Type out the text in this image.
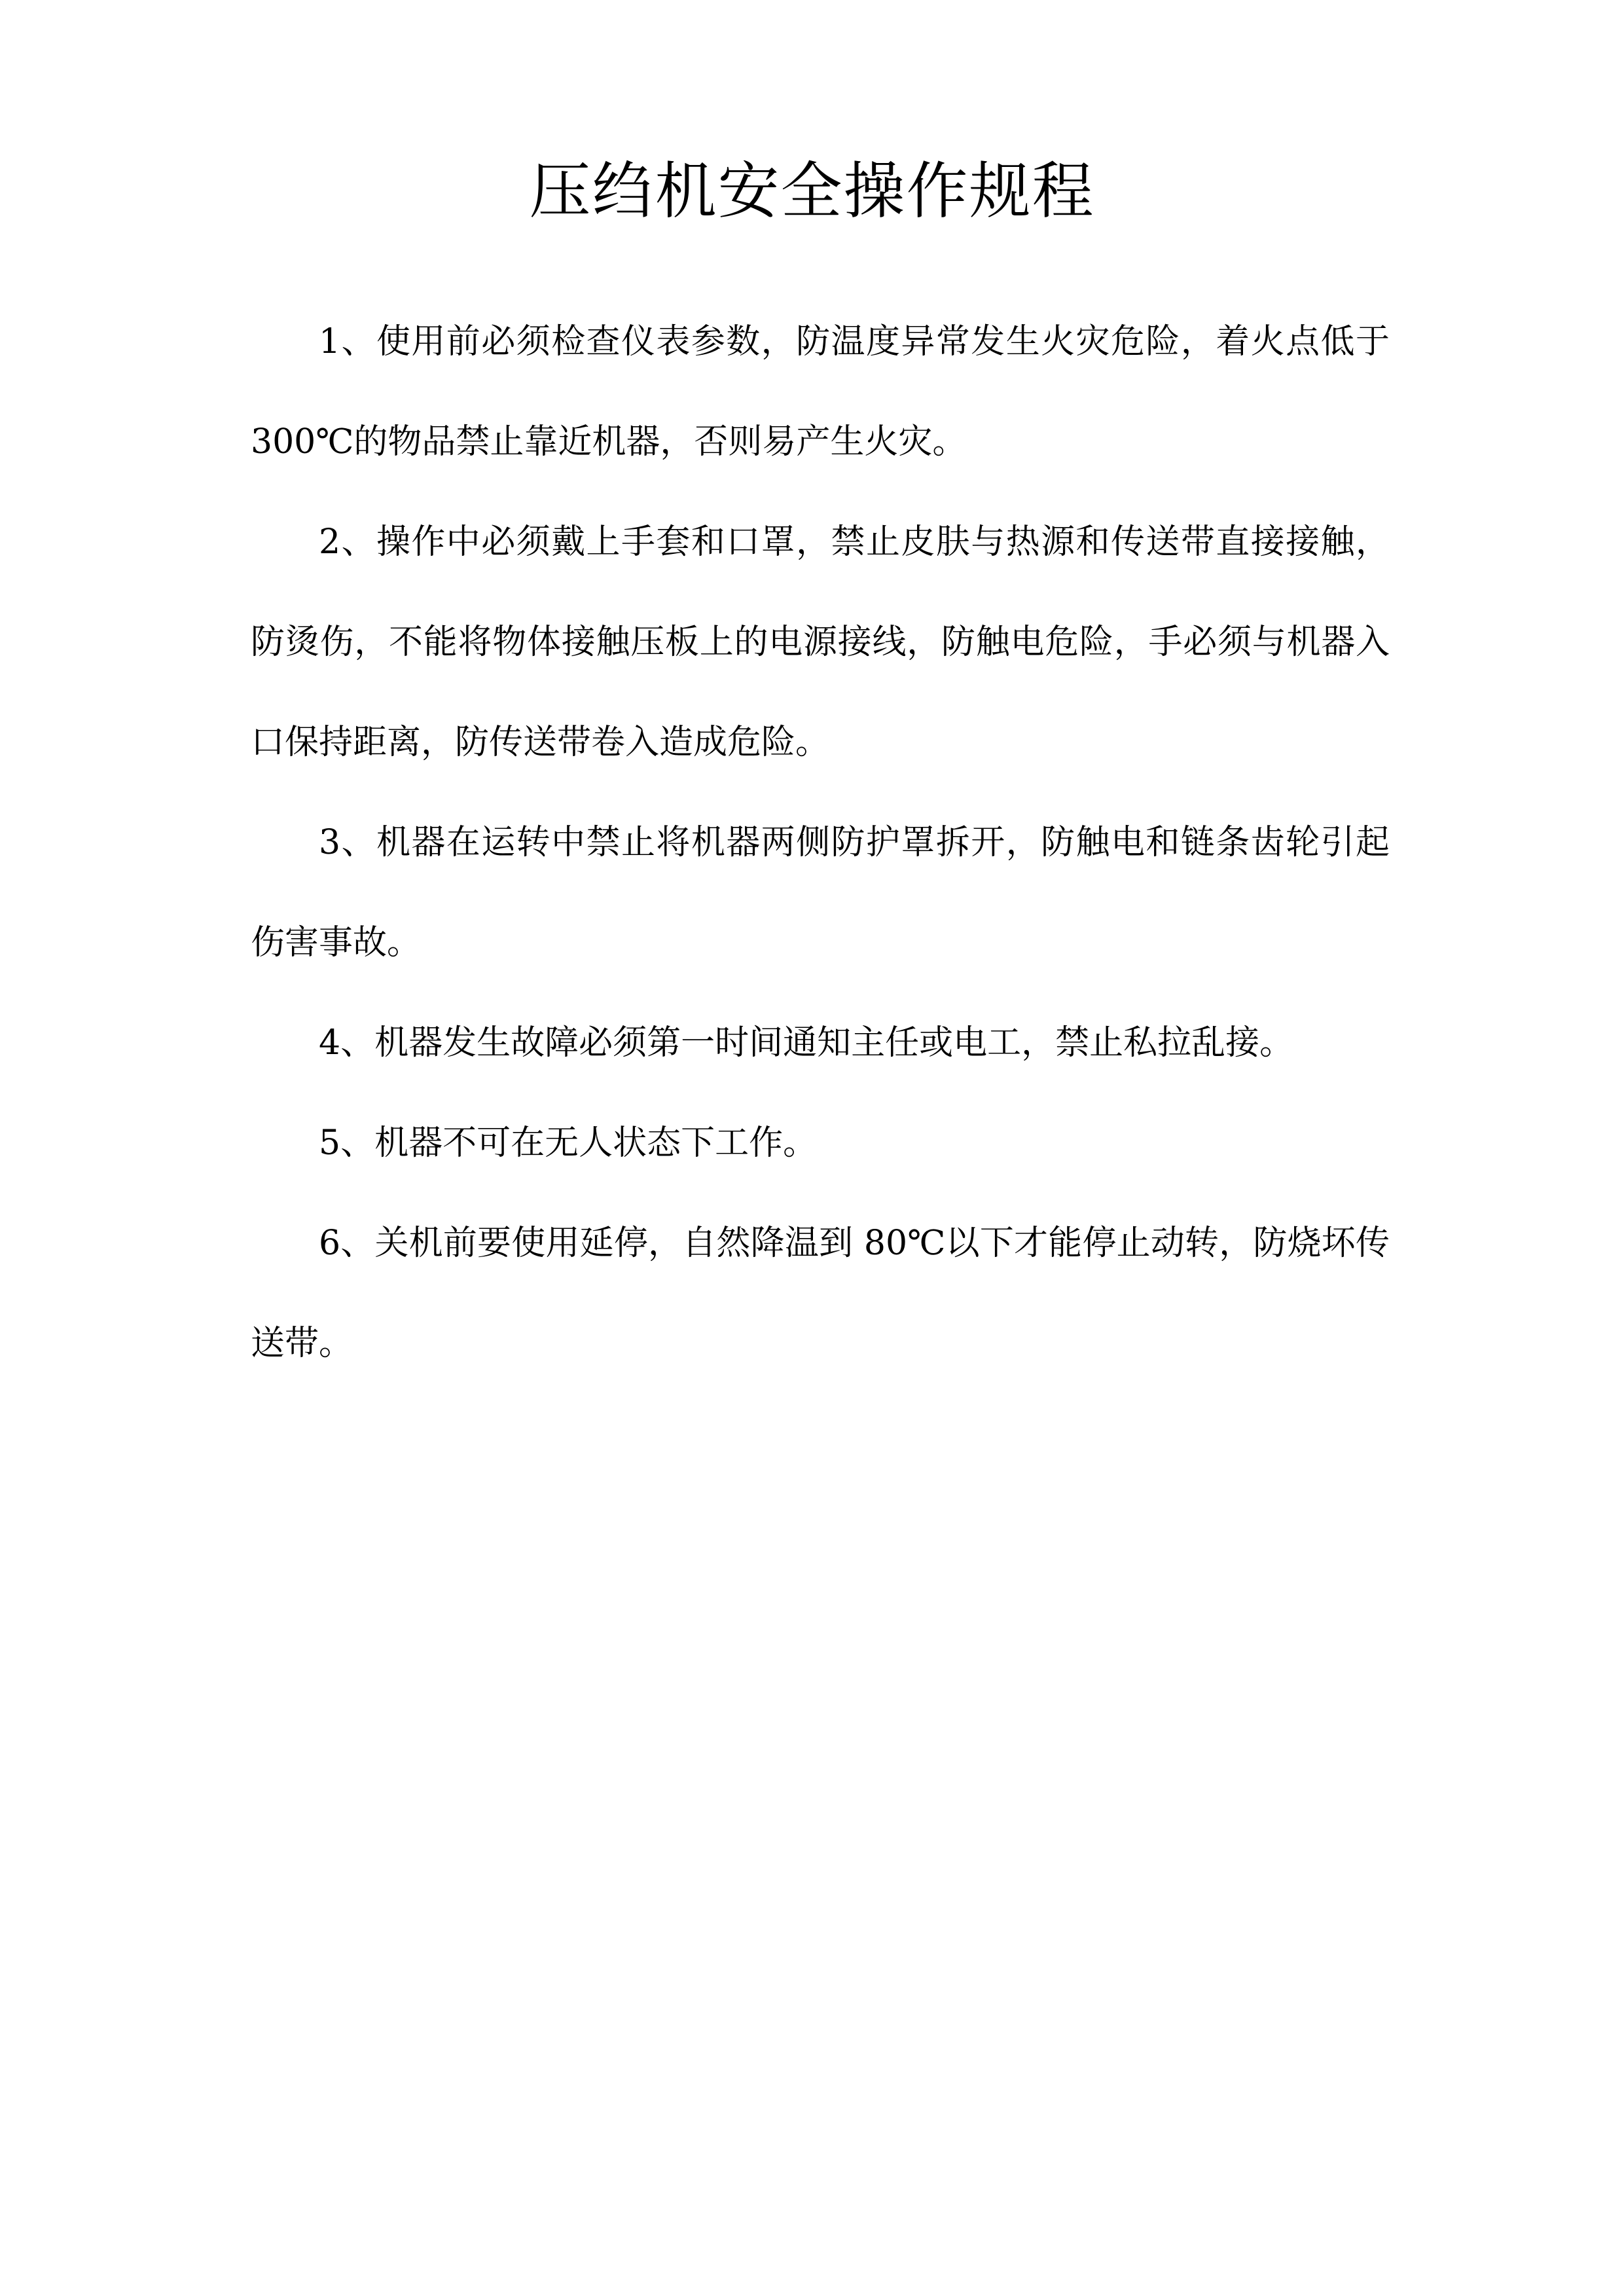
压绉机安全操作规程

1、使用前必须检查仪表参数，防温度异常发生火灾危险，着火点低于 300℃的物品禁止靠近机器，否则易产生火灾。

2、操作中必须戴上手套和口罩，禁止皮肤与热源和传送带直接接触，防烫伤，不能将物体接触压板上的电源接线，防触电危险，手必须与机器入口保持距离，防传送带卷入造成危险。

3、机器在运转中禁止将机器两侧防护罩拆开，防触电和链条齿轮引起伤害事故。

4、机器发生故障必须第一时间通知主任或电工，禁止私拉乱接。

5、机器不可在无人状态下工作。

6、关机前要使用延停，自然降温到 80℃以下才能停止动转，防烧坏传送带。
